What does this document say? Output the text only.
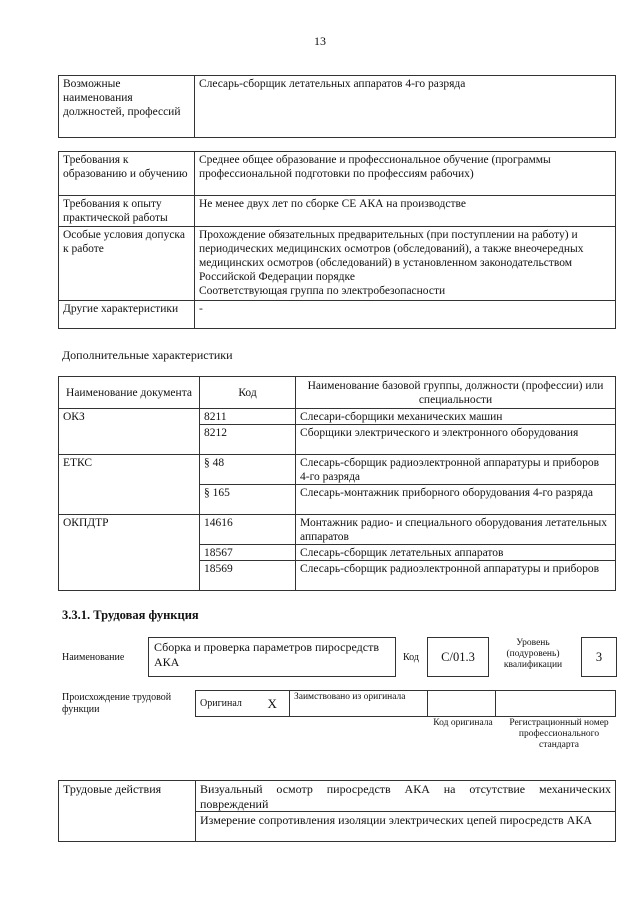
13
Возможные наименования должностей, профессий	Слесарь-сборщик летательных аппаратов 4-го разряда
Требования к образованию и обучению	Среднее общее образование и профессиональное обучение (программы профессиональной подготовки по профессиям рабочих)
Требования к опыту практической работы	Не менее двух лет по сборке СЕ АКА на производстве
Особые условия допуска к работе	Прохождение обязательных предварительных (при поступлении на работу) и периодических медицинских осмотров (обследований), а также внеочередных медицинских осмотров (обследований) в установленном законодательством Российской Федерации порядке
Соответствующая группа по электробезопасности

Другие характеристики	-
Дополнительные характеристики
Наименование документа	Код	Наименование базовой группы, должности (профессии) или специальности
ОКЗ	8211	Слесари-сборщики механических машин
	8212	Сборщики электрического и электронного оборудования
ЕТКС	§ 48	Слесарь-сборщик радиоэлектронной аппаратуры и приборов 4-го разряда
	§ 165	Слесарь-монтажник приборного оборудования 4-го разряда
ОКПДТР	14616	Монтажник радио- и специального оборудования летательных аппаратов
	18567	Слесарь-сборщик летательных аппаратов
	18569	Слесарь-сборщик радиоэлектронной аппаратуры и приборов
3.3.1. Трудовая функция
Наименование
Сборка и проверка параметров пиросредств АКА	Код	C/01.3
Уровень (подуровень) квалификации
3
Происхождение трудовой функции	Оригинал	X	Заимствовано из оригинала		
Код оригинала	Регистрационный номер профессионального стандарта
Трудовые действия	Визуальный осмотр пиросредств АКА на отсутствие механических повреждений
Измерение сопротивления изоляции электрических цепей пиросредств АКА
